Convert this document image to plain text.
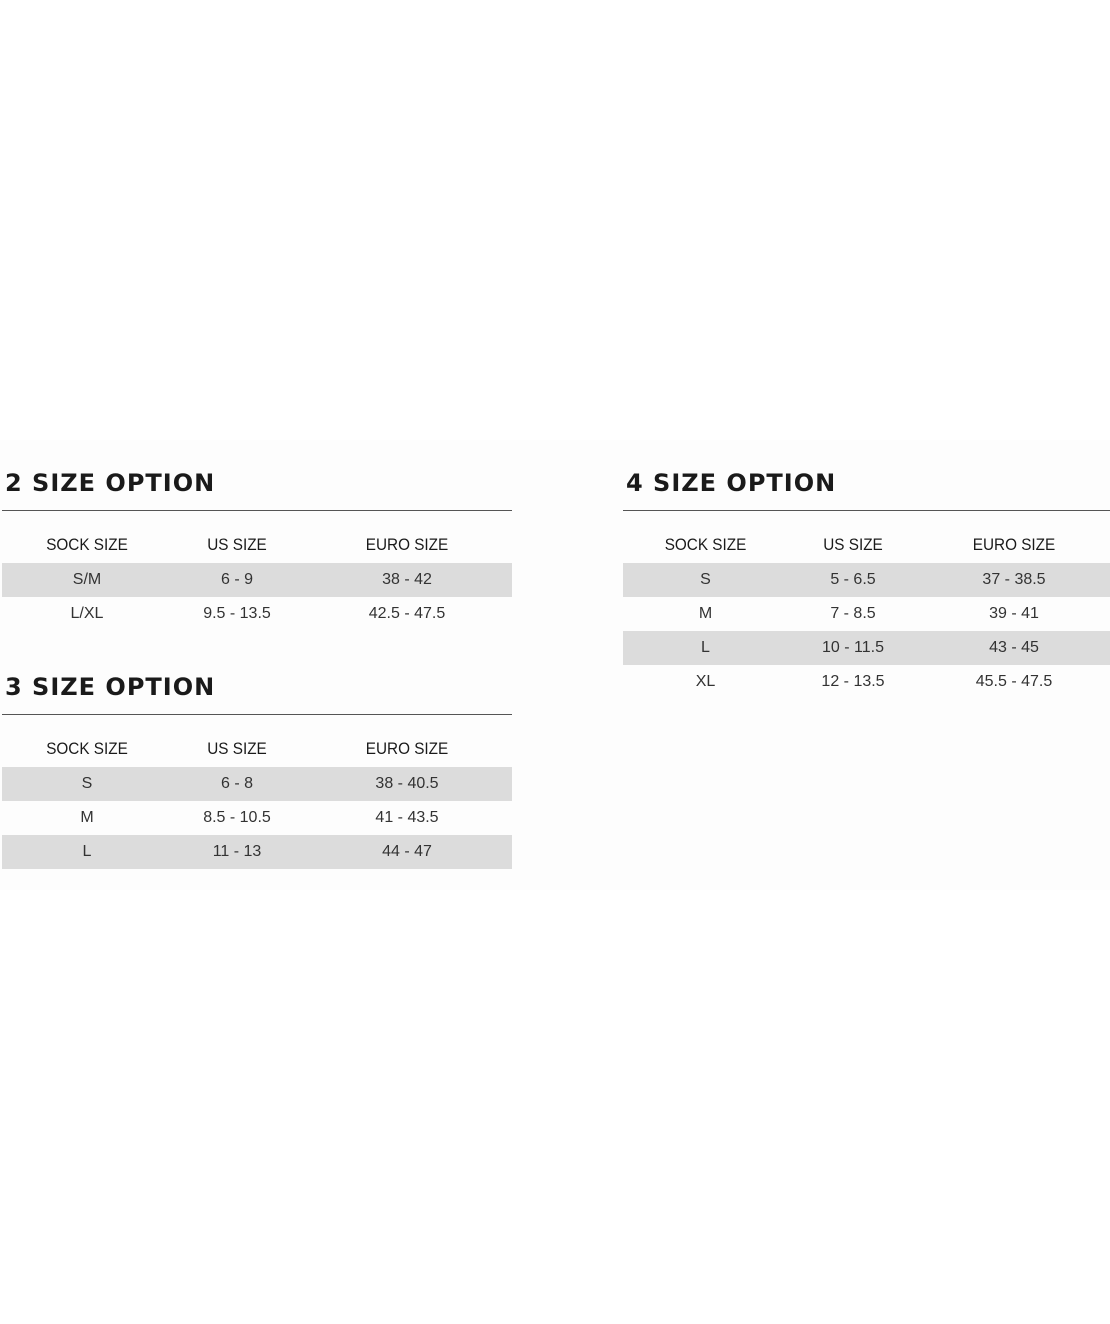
2 SIZE OPTION
SOCK SIZE	US SIZE	EURO SIZE
S/M	6 - 9	38 - 42
L/XL	9.5 - 13.5	42.5 - 47.5
3 SIZE OPTION
SOCK SIZE	US SIZE	EURO SIZE
S	6 - 8	38 - 40.5
M	8.5 - 10.5	41 - 43.5
L	11 - 13	44 - 47
4 SIZE OPTION
SOCK SIZE	US SIZE	EURO SIZE
S	5 - 6.5	37 - 38.5
M	7 - 8.5	39 - 41
L	10 - 11.5	43 - 45
XL	12 - 13.5	45.5 - 47.5
